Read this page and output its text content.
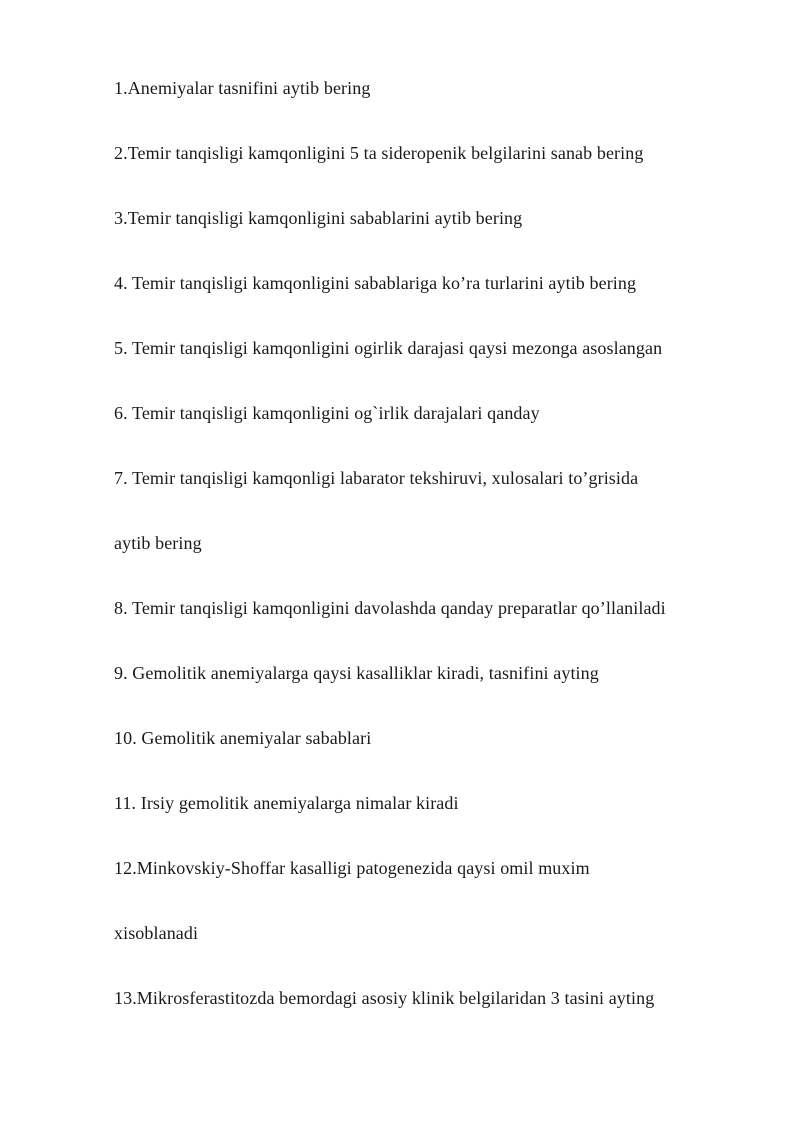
1.Anemiyalar tasnifini aytib bering

2.Temir tanqisligi kamqonligini 5 ta sideropenik belgilarini sanab bering

3.Temir tanqisligi kamqonligini sabablarini aytib bering

4. Temir tanqisligi kamqonligini sabablariga ko’ra turlarini aytib bering

5. Temir tanqisligi kamqonligini ogirlik darajasi qaysi mezonga asoslangan

6. Temir tanqisligi kamqonligini og`irlik darajalari qanday

7. Temir tanqisligi kamqonligi labarator tekshiruvi, xulosalari to’grisida

aytib bering

8. Temir tanqisligi kamqonligini davolashda qanday preparatlar qo’llaniladi

9. Gemolitik anemiyalarga qaysi kasalliklar kiradi, tasnifini ayting

10. Gemolitik anemiyalar sabablari

11. Irsiy gemolitik anemiyalarga nimalar kiradi

12.Minkovskiy-Shoffar kasalligi patogenezida qaysi omil muxim

xisoblanadi

13.Mikrosferastitozda bemordagi asosiy klinik belgilaridan 3 tasini ayting
